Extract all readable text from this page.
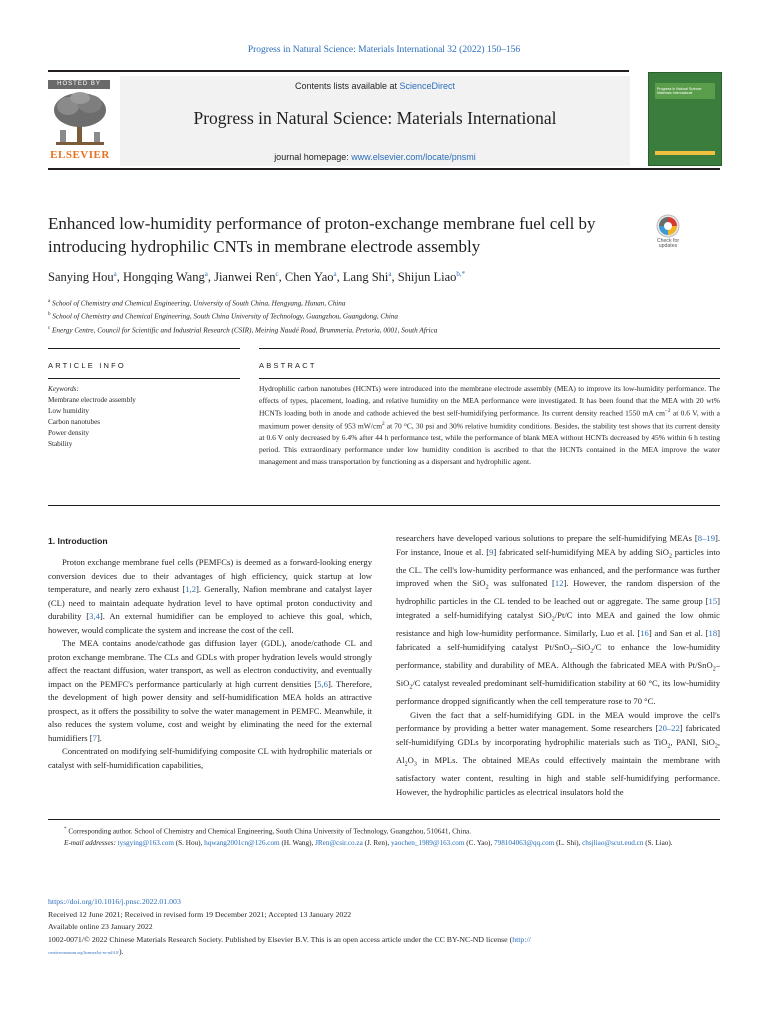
Progress in Natural Science: Materials International 32 (2022) 150–156
HOSTED BY
ELSEVIER
Contents lists available at ScienceDirect
Progress in Natural Science: Materials International
journal homepage: www.elsevier.com/locate/pnsmi
Progress in Natural Science
Materials International
Enhanced low-humidity performance of proton-exchange membrane fuel cell by introducing hydrophilic CNTs in membrane electrode assembly	Check for updates
Sanying Hou$^a$, Hongqing Wang$^a$, Jianwei Ren$^c$, Chen Yao$^a$, Lang Shi$^a$, Shijun Liao$^{b,*}$
$^a$ School of Chemistry and Chemical Engineering, University of South China, Hengyang, Hunan, China
$^b$ School of Chemistry and Chemical Engineering, South China University of Technology, Guangzhou, Guangdong, China
$^c$ Energy Centre, Council for Scientific and Industrial Research (CSIR), Meiring Naudé Road, Brummeria, Pretoria, 0001, South Africa
ARTICLE INFO	ABSTRACT
Keywords:
Membrane electrode assembly
Low humidity
Carbon nanotubes
Power density
Stability
Hydrophilic carbon nanotubes (HCNTs) were introduced into the membrane electrode assembly (MEA) to improve its low-humidity performance. The effects of types, placement, loading, and relative humidity on the MEA performance were investigated. It has been found that the MEA with 20 wt% HCNTs loading both in anode and cathode achieved the best self-humidifying performance. Its current density reached 1550 mA $cm^{-2}$ at 0.6 V, with a maximum power density of 953 $mW/cm^2$ at 70 °C, 30 psi and 30% relative humidity conditions. Besides, the stability test shows that its current density at 0.6 V only decreased by 6.4% after 44 h performance test, while the performance of blank MEA without HCNTs decreased by 45% within 6 h testing period. This extraordinary performance under low humidity condition is ascribed to that the HCNTs contained in the MEA improve the water management and mass transportation by functioning as a dispersant and hydrophilic agent.
1. Introduction

Proton exchange membrane fuel cells (PEMFCs) is deemed as a forward-looking energy conversion devices due to their advantages of high efficiency, quick startup at low temperature, and nearly zero exhaust [1,2]. Generally, Nafion membrane and catalyst layer (CL) need to maintain adequate hydration level to have optimal proton conductivity and durability [3,4]. An external humidifier can be employed to achieve this goal, which, however, would complicate the system and increase the cost of the cell.

The MEA contains anode/cathode gas diffusion layer (GDL), anode/cathode CL and proton exchange membrane. The CLs and GDLs with proper hydration levels would strongly affect the reactant diffusion, water transport, as well as electron conductivity, and eventually impact on the PEMFC's performance particularly at high current densities [5,6]. Therefore, the development of high power density and self-humidification MEA holds an attractive prospect, as it offers the possibility to solve the water management in PEMFC. Meanwhile, it also reduces the system volume, cost and weight by eliminating the need for the external humidifiers [7].

Concentrated on modifying self-humidifying composite CL with hydrophilic materials or catalyst with self-humidification capabilities,

researchers have developed various solutions to prepare the self-humidifying MEAs [8–19]. For instance, Inoue et al. [9] fabricated self-humidifying MEA by adding SiO$_2$ particles into the CL. The cell's low-humidity performance was enhanced, and the performance was further improved when the SiO$_2$ was sulfonated [12]. However, the random dispersion of the hydrophilic particles in the CL tended to be leached out or aggregate. The same group [15] integrated a self-humidifying catalyst SiO$_2$/Pt/C into MEA and gained the low ohmic resistance and high low-humidity performance. Similarly, Luo et al. [16] and San et al. [18] fabricated a self-humidifying catalyst Pt/SnO$_2$–SiO$_2$/C to enhance the low-humidity performance, stability and durability of MEA. Although the fabricated MEA with Pt/SnO$_2$–SiO$_2$/C catalyst revealed predominant self-humidification stability at 60 °C, its low-humidity performance dropped significantly when the cell temperature rose to 70 °C.

Given the fact that a self-humidifying GDL in the MEA would improve the cell's performance by providing a better water management. Some researchers [20–22] fabricated self-humidifying GDLs by incorporating hydrophilic materials such as TiO$_2$, PANI, SiO$_2$, $Al_2O_3$ in MPLs. The obtained MEAs could effectively maintain the membrane with satisfactory water content, resulting in high and stable self-humidifying performance. However, the hydrophilic particles as electrical insulators hold the

* Corresponding author. School of Chemistry and Chemical Engineering, South China University of Technology, Guangzhou, 510641, China.
E-mail addresses: tysgying@163.com (S. Hou), hqwang2001cn@126.com (H. Wang), JRen@csir.co.za (J. Ren), yaochen_1989@163.com (C. Yao), 798104063@qq.com (L. Shi), chsjliao@scut.eud.cn (S. Liao).
https://doi.org/10.1016/j.pnsc.2022.01.003
Received 12 June 2021; Received in revised form 19 December 2021; Accepted 13 January 2022
Available online 23 January 2022
1002-0071/© 2022 Chinese Materials Research Society. Published by Elsevier B.V. This is an open access article under the CC BY-NC-ND license (http://
creativecommons.org/licenses/by-nc-nd/4.0/).
